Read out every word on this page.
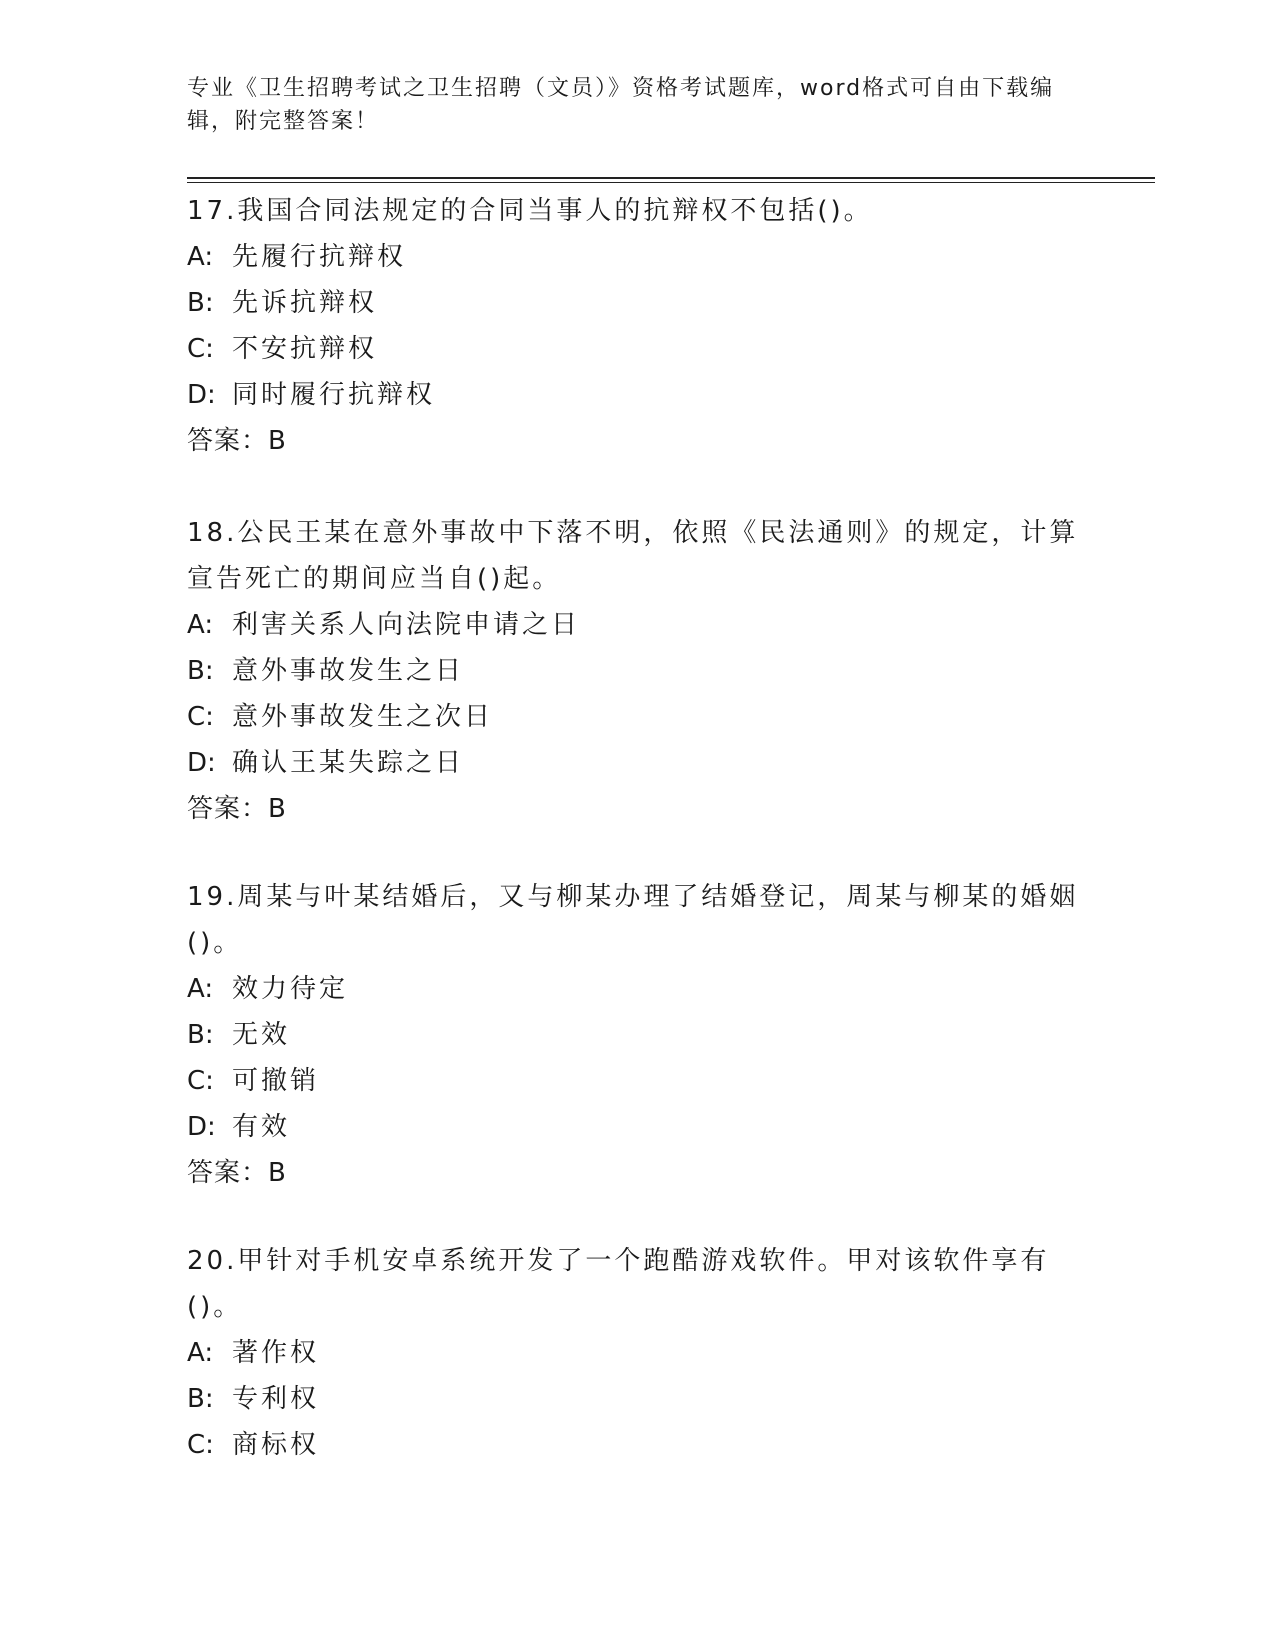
专业《卫生招聘考试之卫生招聘（文员）》资格考试题库，word格式可自由下载编辑，附完整答案！

17.我国合同法规定的合同当事人的抗辩权不包括()。

A: 先履行抗辩权

B: 先诉抗辩权

C: 不安抗辩权

D: 同时履行抗辩权

答案：B

18.公民王某在意外事故中下落不明，依照《民法通则》的规定，计算宣告死亡的期间应当自()起。

A: 利害关系人向法院申请之日

B: 意外事故发生之日

C: 意外事故发生之次日

D: 确认王某失踪之日

答案：B

19.周某与叶某结婚后，又与柳某办理了结婚登记，周某与柳某的婚姻()。

A: 效力待定

B: 无效

C: 可撤销

D: 有效

答案：B

20.甲针对手机安卓系统开发了一个跑酷游戏软件。甲对该软件享有()。

A: 著作权

B: 专利权

C: 商标权
